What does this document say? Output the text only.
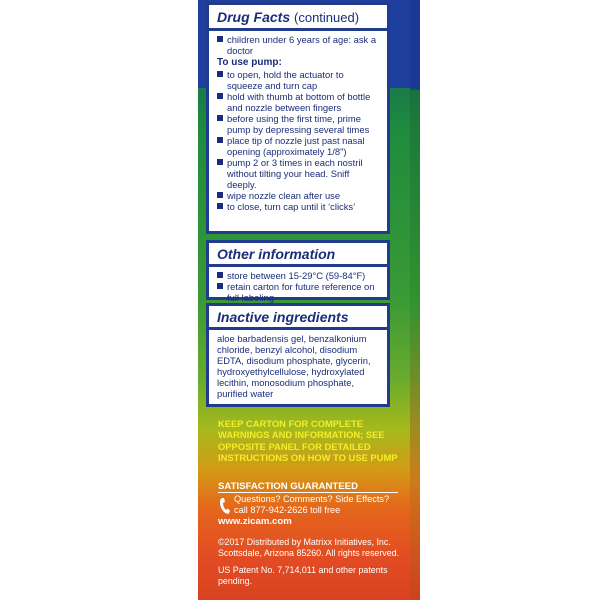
Drug Facts (continued)
children under 6 years of age: ask a doctor
To use pump:
to open, hold the actuator to squeeze and turn cap
hold with thumb at bottom of bottle and nozzle between fingers
before using the first time, prime pump by depressing several times
place tip of nozzle just past nasal opening (approximately 1/8")
pump 2 or 3 times in each nostril without tilting your head. Sniff deeply.
wipe nozzle clean after use
to close, turn cap until it ‘clicks’
Other information
store between 15-29°C (59-84°F)
retain carton for future reference on full labeling
Inactive ingredients
aloe barbadensis gel, benzalkonium chloride, benzyl alcohol, disodium EDTA, disodium phosphate, glycerin, hydroxyethylcellulose, hydroxylated lecithin, monosodium phosphate, purified water
KEEP CARTON FOR COMPLETE WARNINGS AND INFORMATION; SEE OPPOSITE PANEL FOR DETAILED INSTRUCTIONS ON HOW TO USE PUMP
SATISFACTION GUARANTEED
Questions? Comments? Side Effects?
call 877-942-2626 toll free
www.zicam.com
©2017 Distributed by Matrixx Initiatives, Inc. Scottsdale, Arizona 85260. All rights reserved.
US Patent No. 7,714,011 and other patents pending.
